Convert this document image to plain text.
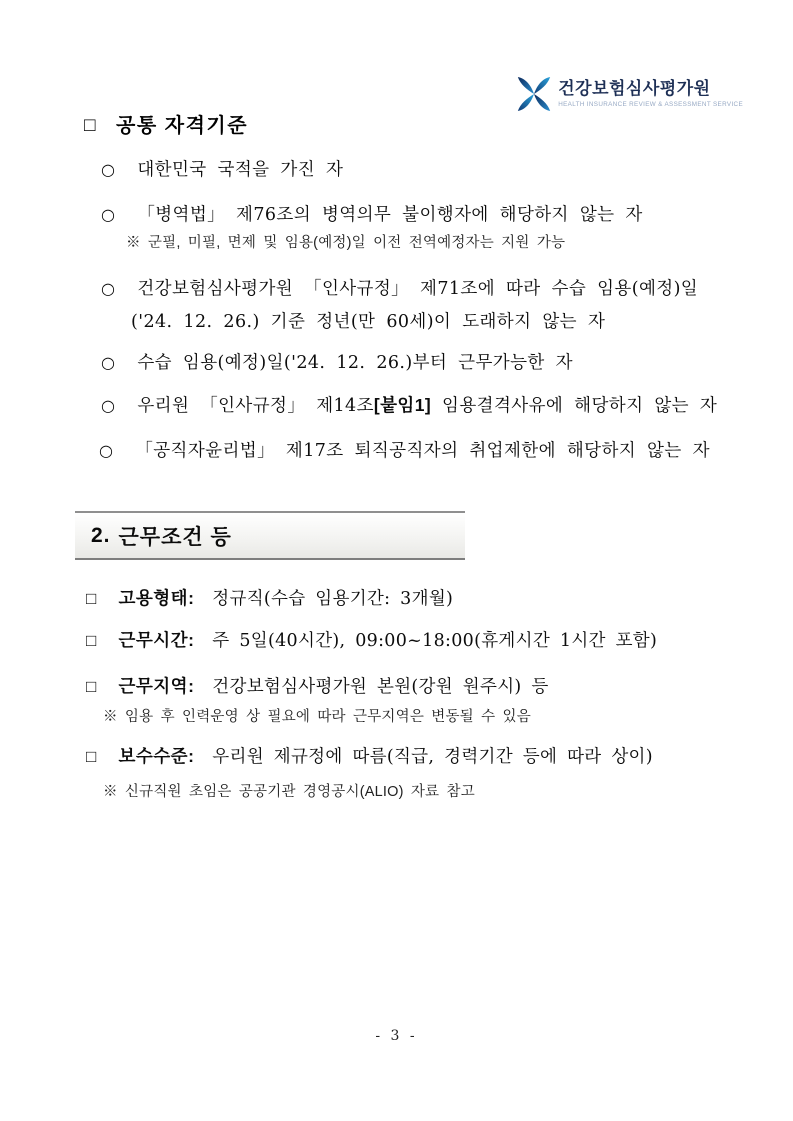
건강보험심사평가원
HEALTH INSURANCE REVIEW & ASSESSMENT SERVICE
□ 공통 자격기준
○ 대한민국 국적을 가진 자
○ 「병역법」 제76조의 병역의무 불이행자에 해당하지 않는 자
※ 군필, 미필, 면제 및 임용(예정)일 이전 전역예정자는 지원 가능
○ 건강보험심사평가원 「인사규정」 제71조에 따라 수습 임용(예정)일
('24. 12. 26.) 기준 정년(만 60세)이 도래하지 않는 자
○ 수습 임용(예정)일('24. 12. 26.)부터 근무가능한 자
○ 우리원 「인사규정」 제14조[붙임1] 임용결격사유에 해당하지 않는 자
○ 「공직자윤리법」 제17조 퇴직공직자의 취업제한에 해당하지 않는 자
2. 근무조건 등
□ 고용형태: 정규직(수습 임용기간: 3개월)
□ 근무시간: 주 5일(40시간), 09:00~18:00(휴게시간 1시간 포함)
□ 근무지역: 건강보험심사평가원 본원(강원 원주시) 등
※ 임용 후 인력운영 상 필요에 따라 근무지역은 변동될 수 있음
□ 보수수준: 우리원 제규정에 따름(직급, 경력기간 등에 따라 상이)
※ 신규직원 초임은 공공기관 경영공시(ALIO) 자료 참고
- 3 -
